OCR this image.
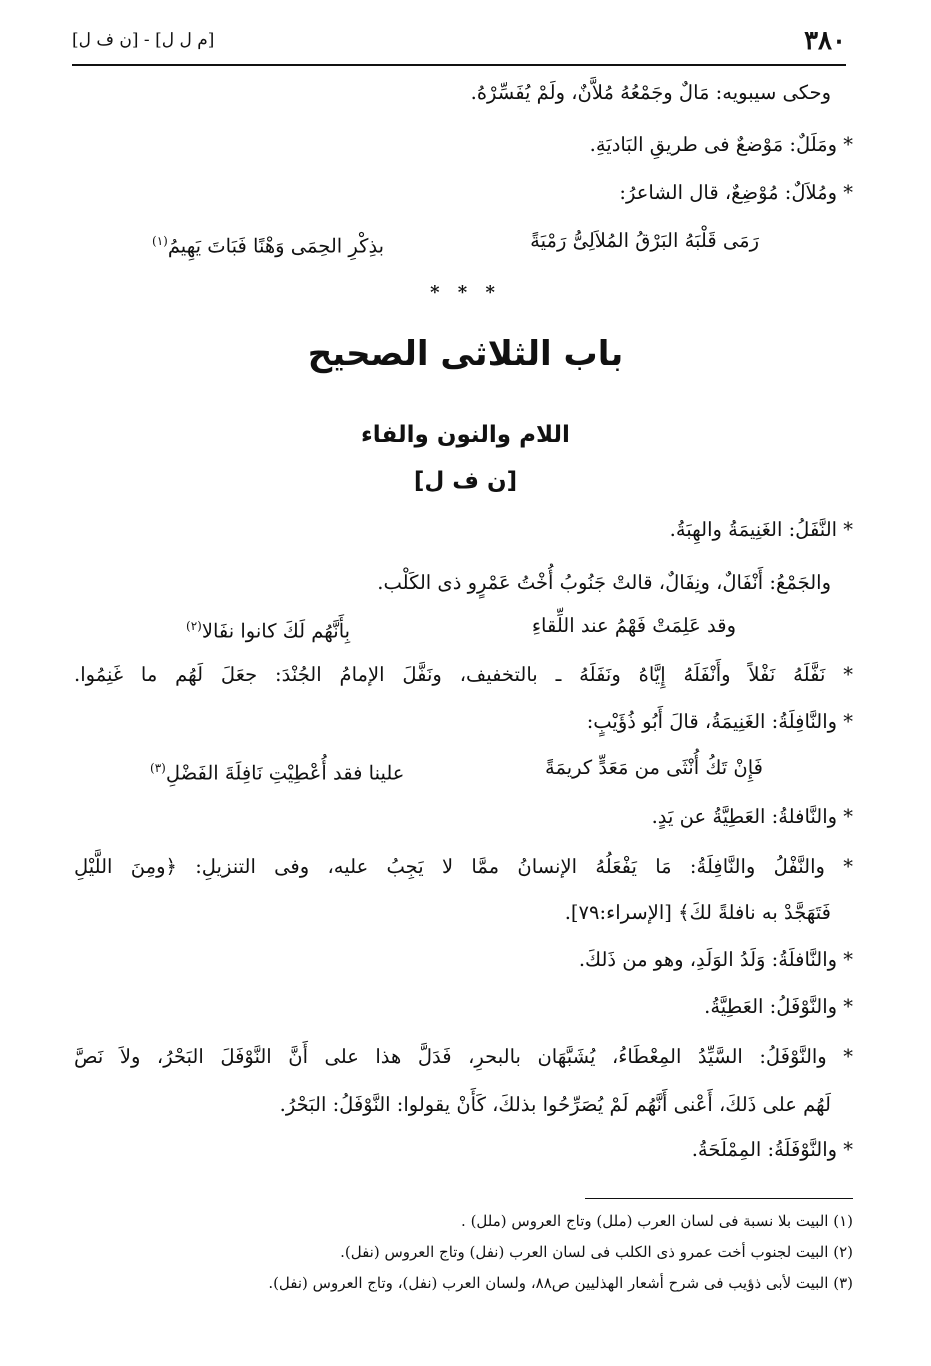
٣٨٠
[م ل ل] - [ن ف ل]
وحكى سيبويه: مَالٌ وجَمْعُهُ مُلاَّنٌ، ولَمْ يُفَسِّرْهُ.
* ومَلَلٌ: مَوْضعٌ فى طريقِ البَاديَةِ.
* ومُلاَلٌ: مُوْضِعٌ، قال الشاعرُ:
رَمَى قَلْبَهُ البَرْقُ المُلاَلِىُّ رَمْيَةً
بذِكْرِ الحِمَى وَهْنًا فَبَاتَ يَهِيمُ$^{(١)}$
* * *
باب الثلاثى الصحيح
اللام والنون والفاء
[ن ف ل]
* النَّفَلُ: الغَنِيمَةُ والهِبَةُ.
والجَمْعُ: أَنْفَالٌ، ونِفَالٌ، قالتْ جَنُوبُ أُخْتُ عَمْرٍو ذى الكَلْب.
وقد عَلِمَتْ فَهْمُ عند اللِّقاءِ
بِأَنَّهُم لَكَ كانوا نفَالا$^{(٢)}$
* نَفَّلَهُ نَفْلاً وأَنْفَلَهُ إِيَّاهُ ونَفَلَهُ ـ بالتخفيف، ونَفَّلَ الإمامُ الجُنْدَ: جعَلَ لَهُم ما غَنِمُوا.
* والنَّافِلَةُ: الغَنِيمَةُ، قالَ أَبُو ذُؤَيْبٍ:
فَإِنْ تَكُ أُنْثَى من مَعَدٍّ كريمَةً
علينا فقد أُعْطِيْتِ نَافِلَةَ الفَضْلِ$^{(٣)}$
* والنَّافلةُ: العَطِيَّةُ عن يَدٍ.
* والنَّفْلُ والنَّافِلَةُ: مَا يَفْعَلُهُ الإنسانُ ممَّا لا يَجِبُ عليه، وفى التنزيلِ: ﴿ومِنَ اللَّيْلِ
فَتَهَجَّدْ به نافلةً لكَ﴾ [الإسراء:٧٩].
* والنَّافلَةُ: وَلَدُ الوَلَدِ، وهو من ذَلكَ.
* والنَّوْفَلُ: العَطِيَّةُ.
* والنَّوْفَلُ: السَّيِّدُ المِعْطَاءُ، يُشَبَّهَان بالبحرِ، فَدَلَّ هذا على أَنَّ النَّوْفَلَ البَحْرُ، ولاَ نَصَّ
لَهُم على ذَلكَ، أَعْنى أَنَّهُم لَمْ يُصَرِّحُوا بذلكَ، كَأَنْ يقولوا: النَّوْفَلُ: البَحْرُ.
* والنَّوْفَلَةُ: المِمْلَحَةُ.
(١) البيت بلا نسبة فى لسان العرب (ملل) وتاج العروس (ملل) .
(٢) البيت لجنوب أخت عمرو ذى الكلب فى لسان العرب (نفل) وتاج العروس (نفل).
(٣) البيت لأبى ذؤيب فى شرح أشعار الهذليين ص٨٨، ولسان العرب (نفل)، وتاج العروس (نفل).
